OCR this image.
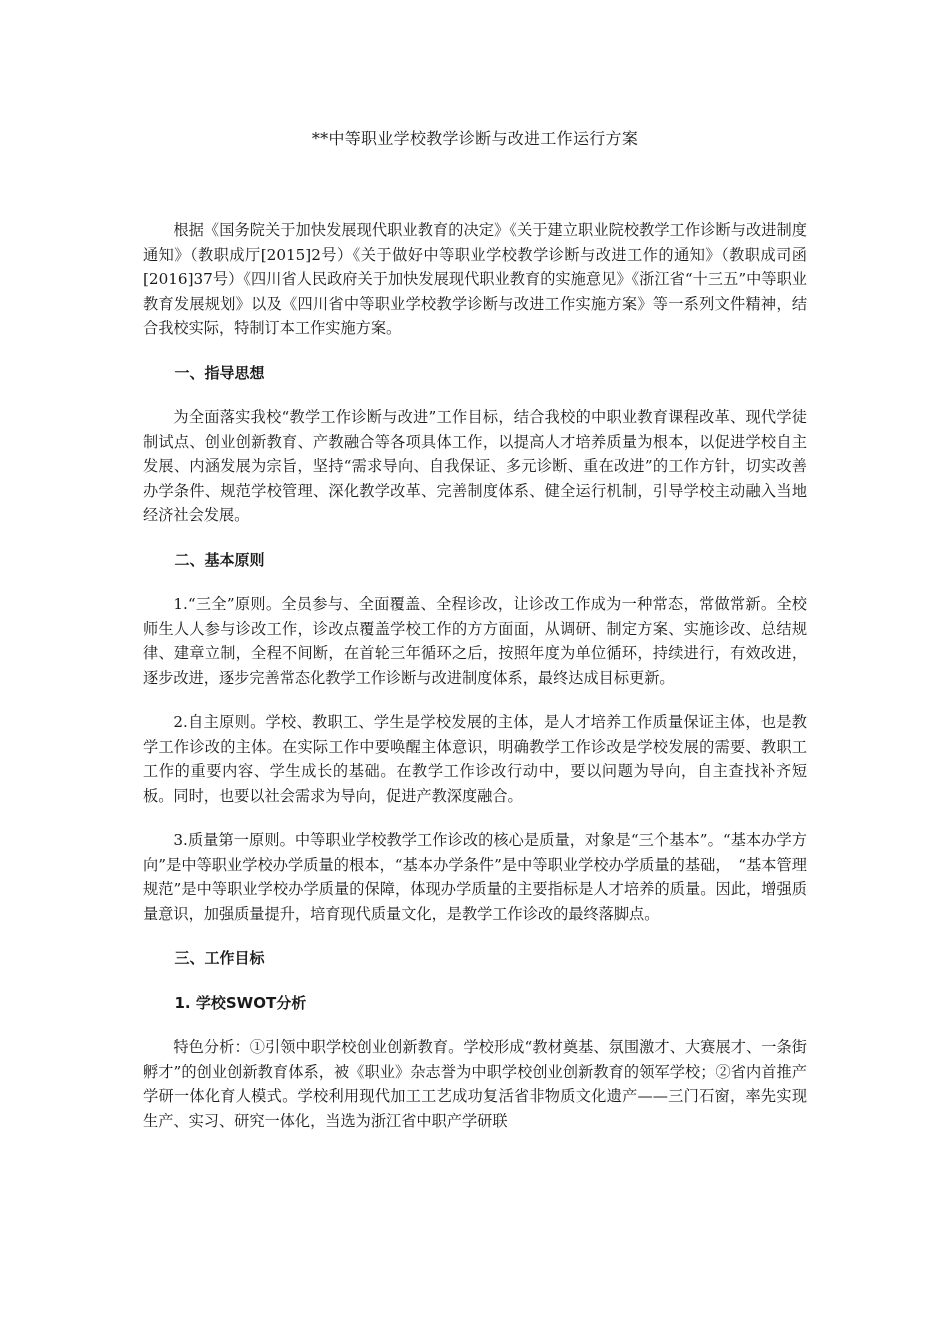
**中等职业学校教学诊断与改进工作运行方案

根据《国务院关于加快发展现代职业教育的决定》《关于建立职业院校教学工作诊断与改进制度通知》（教职成厅[2015]2号）《关于做好中等职业学校教学诊断与改进工作的通知》（教职成司函[2016]37号）《四川省人民政府关于加快发展现代职业教育的实施意见》《浙江省“十三五”中等职业教育发展规划》以及《四川省中等职业学校教学诊断与改进工作实施方案》等一系列文件精神，结合我校实际，特制订本工作实施方案。

一、指导思想

为全面落实我校“教学工作诊断与改进”工作目标，结合我校的中职业教育课程改革、现代学徒制试点、创业创新教育、产教融合等各项具体工作，以提高人才培养质量为根本，以促进学校自主发展、内涵发展为宗旨，坚持“需求导向、自我保证、多元诊断、重在改进”的工作方针，切实改善办学条件、规范学校管理、深化教学改革、完善制度体系、健全运行机制，引导学校主动融入当地经济社会发展。

二、基本原则

1.“三全”原则。全员参与、全面覆盖、全程诊改，让诊改工作成为一种常态，常做常新。全校师生人人参与诊改工作，诊改点覆盖学校工作的方方面面，从调研、制定方案、实施诊改、总结规律、建章立制，全程不间断，在首轮三年循环之后，按照年度为单位循环，持续进行，有效改进，逐步改进，逐步完善常态化教学工作诊断与改进制度体系，最终达成目标更新。

2.自主原则。学校、教职工、学生是学校发展的主体，是人才培养工作质量保证主体，也是教学工作诊改的主体。在实际工作中要唤醒主体意识，明确教学工作诊改是学校发展的需要、教职工工作的重要内容、学生成长的基础。在教学工作诊改行动中，要以问题为导向，自主查找补齐短板。同时，也要以社会需求为导向，促进产教深度融合。

3.质量第一原则。中等职业学校教学工作诊改的核心是质量，对象是“三个基本”。“基本办学方向”是中等职业学校办学质量的根本，“基本办学条件”是中等职业学校办学质量的基础，　“基本管理规范”是中等职业学校办学质量的保障，体现办学质量的主要指标是人才培养的质量。因此，增强质量意识，加强质量提升，培育现代质量文化，是教学工作诊改的最终落脚点。

三、工作目标
1. 学校SWOT分析

特色分析：①引领中职学校创业创新教育。学校形成“教材奠基、氛围激才、大赛展才、一条街孵才”的创业创新教育体系，被《职业》杂志誉为中职学校创业创新教育的领军学校；②省内首推产学研一体化育人模式。学校利用现代加工工艺成功复活省非物质文化遗产——三门石窗，率先实现生产、实习、研究一体化，当选为浙江省中职产学研联
